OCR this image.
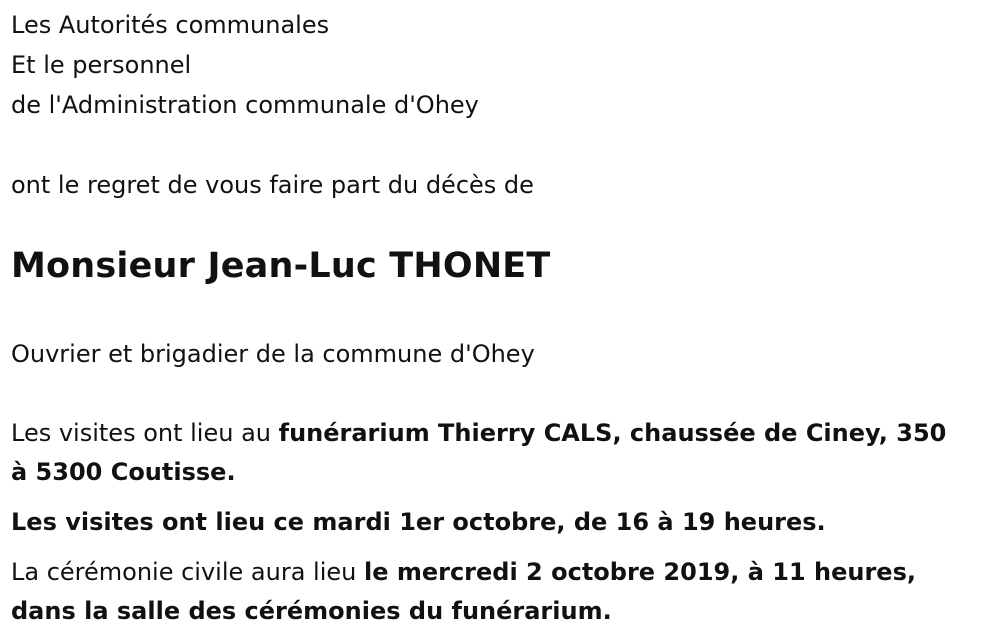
Les Autorités communales
Et le personnel
de l'Administration communale d'Ohey
ont le regret de vous faire part du décès de
Monsieur Jean-Luc THONET
Ouvrier et brigadier de la commune d'Ohey
Les visites ont lieu au funérarium Thierry CALS, chaussée de Ciney, 350
à 5300 Coutisse.
Les visites ont lieu ce mardi 1er octobre, de 16 à 19 heures.
La cérémonie civile aura lieu le mercredi 2 octobre 2019, à 11 heures,
dans la salle des cérémonies du funérarium.
